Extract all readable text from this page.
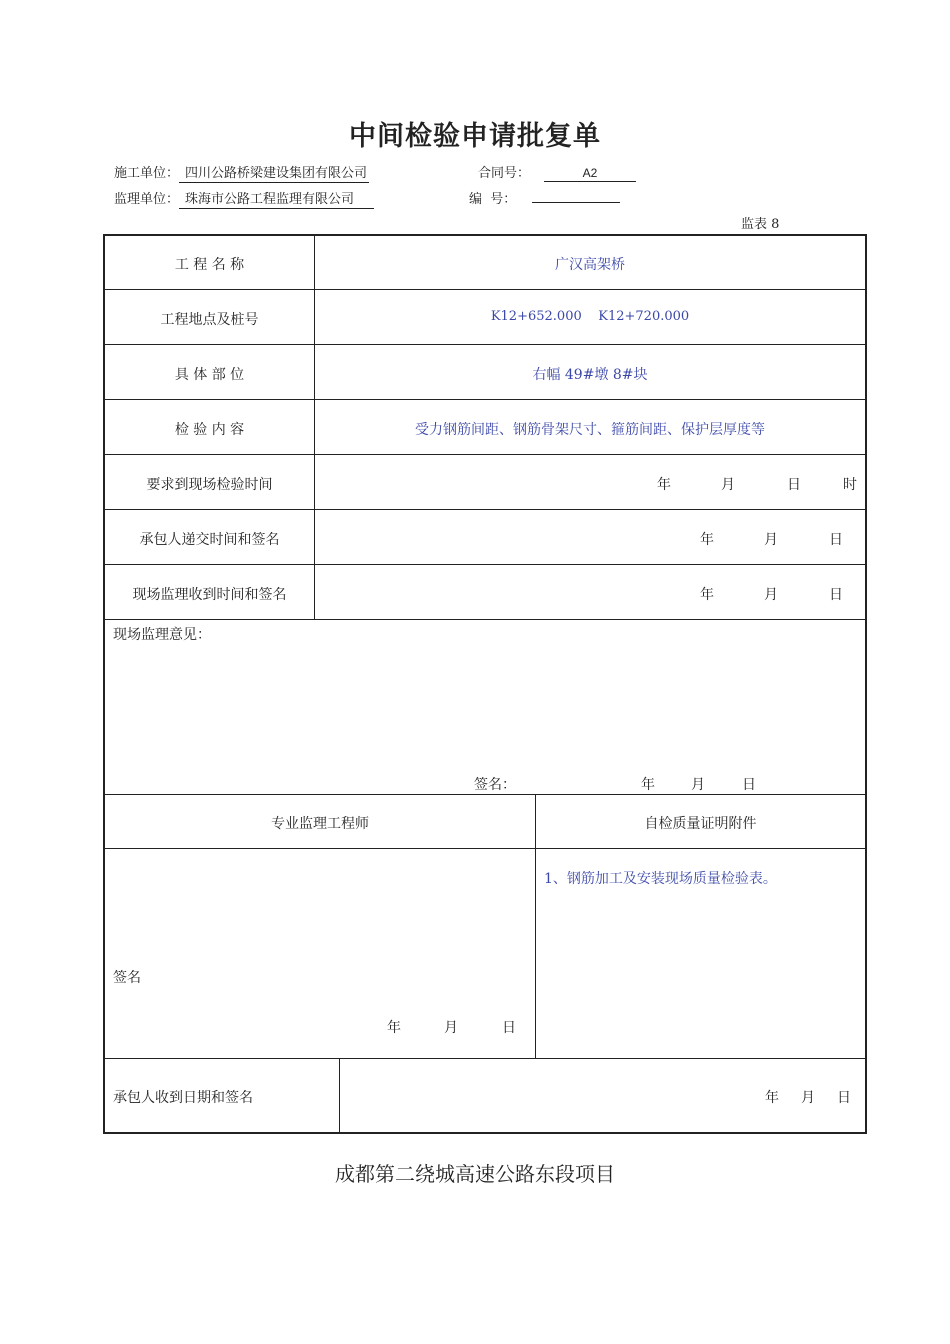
中间检验申请批复单
施工单位： 四川公路桥梁建设集团有限公司	合同号：	A2
监理单位： 珠海市公路工程监理有限公司	编  号：
监表 8
工 程 名 称	广汉高架桥
工程地点及桩号	K12+652.000    K12+720.000
具 体 部 位	右幅 49#墩 8#块
检 验 内 容	受力钢筋间距、钢筋骨架尺寸、箍筋间距、保护层厚度等
要求到现场检验时间	年	月	日	时
承包人递交时间和签名	年	月	日
现场监理收到时间和签名	年	月	日
现场监理意见：
签名：	年	月	日
专业监理工程师	自检质量证明附件
签名
年	月	日
1、钢筋加工及安装现场质量检验表。
承包人收到日期和签名	年 月 日
成都第二绕城高速公路东段项目
